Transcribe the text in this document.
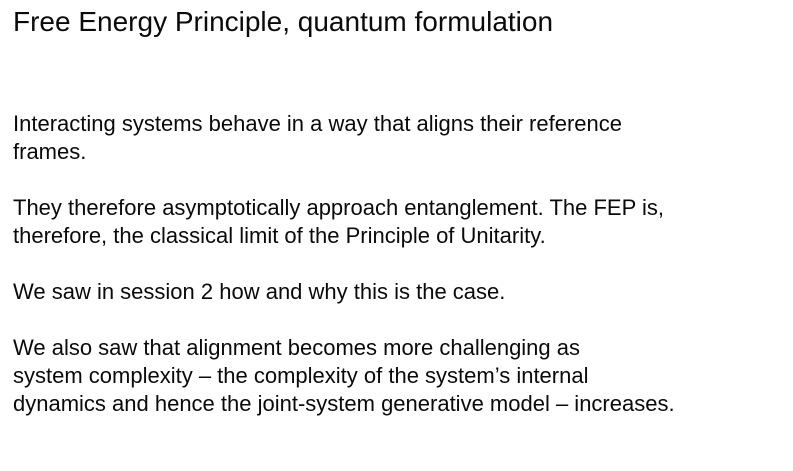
Free Energy Principle, quantum formulation

Interacting systems behave in a way that aligns their reference
frames.

They therefore asymptotically approach entanglement. The FEP is,
therefore, the classical limit of the Principle of Unitarity.

We saw in session 2 how and why this is the case.

We also saw that alignment becomes more challenging as
system complexity – the complexity of the system’s internal
dynamics and hence the joint-system generative model – increases.
